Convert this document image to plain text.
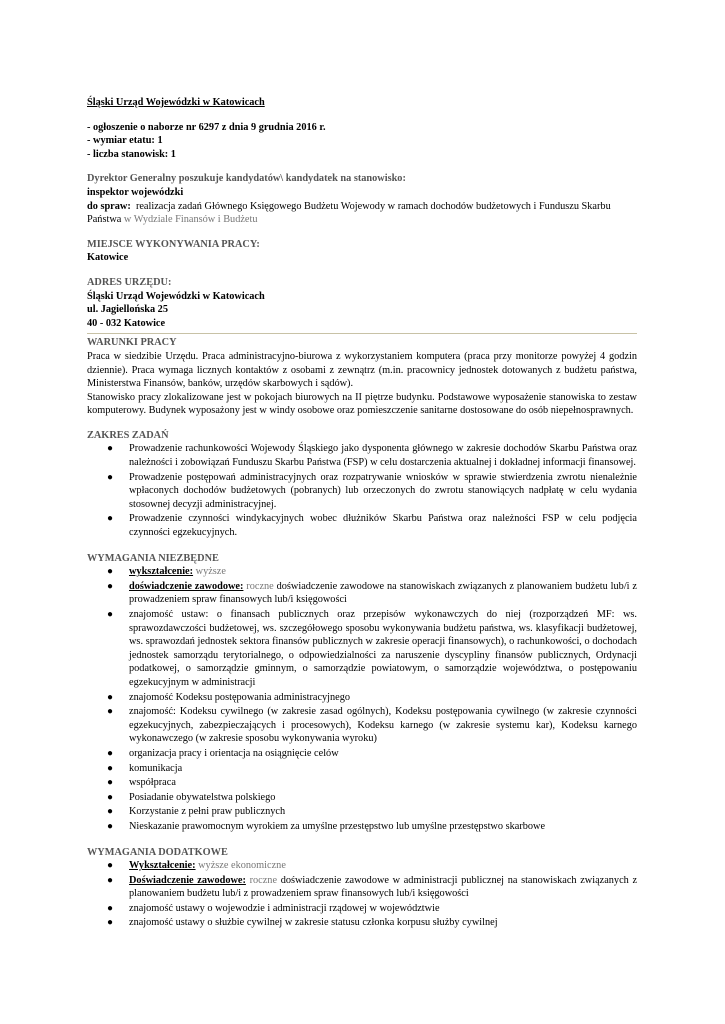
Śląski Urząd Wojewódzki w Katowicach

- ogłoszenie o naborze nr 6297 z dnia 9 grudnia 2016 r.

- wymiar etatu: 1

- liczba stanowisk: 1

Dyrektor Generalny poszukuje kandydatów\ kandydatek na stanowisko:

inspektor wojewódzki

do spraw: realizacja zadań Głównego Księgowego Budżetu Wojewody w ramach dochodów budżetowych i Funduszu Skarbu Państwa w Wydziale Finansów i Budżetu

MIEJSCE WYKONYWANIA PRACY:

Katowice

ADRES URZĘDU:

Śląski Urząd Wojewódzki w Katowicach

ul. Jagiellońska 25

40 - 032 Katowice

WARUNKI PRACY

Praca w siedzibie Urzędu. Praca administracyjno-biurowa z wykorzystaniem komputera (praca przy monitorze powyżej 4 godzin dziennie). Praca wymaga licznych kontaktów z osobami z zewnątrz (m.in. pracownicy jednostek dotowanych z budżetu państwa, Ministerstwa Finansów, banków, urzędów skarbowych i sądów).

Stanowisko pracy zlokalizowane jest w pokojach biurowych na II piętrze budynku. Podstawowe wyposażenie stanowiska to zestaw komputerowy. Budynek wyposażony jest w windy osobowe oraz pomieszczenie sanitarne dostosowane do osób niepełnosprawnych.

ZAKRES ZADAŃ

● Prowadzenie rachunkowości Wojewody Śląskiego jako dysponenta głównego w zakresie dochodów Skarbu Państwa oraz należności i zobowiązań Funduszu Skarbu Państwa (FSP) w celu dostarczenia aktualnej i dokładnej informacji finansowej.
● Prowadzenie postępowań administracyjnych oraz rozpatrywanie wniosków w sprawie stwierdzenia zwrotu nienależnie wpłaconych dochodów budżetowych (pobranych) lub orzeczonych do zwrotu stanowiących nadpłatę w celu wydania stosownej decyzji administracyjnej.
● Prowadzenie czynności windykacyjnych wobec dłużników Skarbu Państwa oraz należności FSP w celu podjęcia czynności egzekucyjnych.

WYMAGANIA NIEZBĘDNE

● wykształcenie: wyższe
● doświadczenie zawodowe: roczne doświadczenie zawodowe na stanowiskach związanych z planowaniem budżetu lub/i z prowadzeniem spraw finansowych lub/i księgowości
● znajomość ustaw: o finansach publicznych oraz przepisów wykonawczych do niej (rozporządzeń MF: ws. sprawozdawczości budżetowej, ws. szczegółowego sposobu wykonywania budżetu państwa, ws. klasyfikacji budżetowej, ws. sprawozdań jednostek sektora finansów publicznych w zakresie operacji finansowych), o rachunkowości, o dochodach jednostek samorządu terytorialnego, o odpowiedzialności za naruszenie dyscypliny finansów publicznych, Ordynacji podatkowej, o samorządzie gminnym, o samorządzie powiatowym, o samorządzie województwa, o postępowaniu egzekucyjnym w administracji
● znajomość Kodeksu postępowania administracyjnego
● znajomość: Kodeksu cywilnego (w zakresie zasad ogólnych), Kodeksu postępowania cywilnego (w zakresie czynności egzekucyjnych, zabezpieczających i procesowych), Kodeksu karnego (w zakresie systemu kar), Kodeksu karnego wykonawczego (w zakresie sposobu wykonywania wyroku)
● organizacja pracy i orientacja na osiągnięcie celów
● komunikacja
● współpraca
● Posiadanie obywatelstwa polskiego
● Korzystanie z pełni praw publicznych
● Nieskazanie prawomocnym wyrokiem za umyślne przestępstwo lub umyślne przestępstwo skarbowe

WYMAGANIA DODATKOWE

● Wykształcenie: wyższe ekonomiczne
● Doświadczenie zawodowe: roczne doświadczenie zawodowe w administracji publicznej na stanowiskach związanych z planowaniem budżetu lub/i z prowadzeniem spraw finansowych lub/i księgowości
● znajomość ustawy o wojewodzie i administracji rządowej w województwie
● znajomość ustawy o służbie cywilnej w zakresie statusu członka korpusu służby cywilnej
